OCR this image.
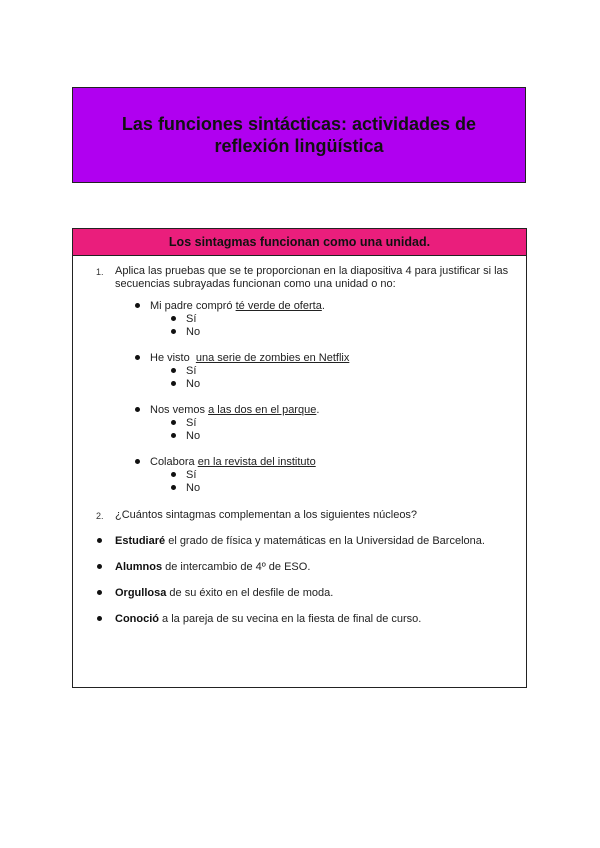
Las funciones sintácticas: actividades de reflexión lingüística
Los sintagmas funcionan como una unidad.
1. Aplica las pruebas que se te proporcionan en la diapositiva 4 para justificar si las
secuencias subrayadas funcionan como una unidad o no:
Mi padre compró té verde de oferta.
Sí
No
He visto  una serie de zombies en Netflix
Sí
No
Nos vemos a las dos en el parque.
Sí
No
Colabora en la revista del instituto
Sí
No
2. ¿Cuántos sintagmas complementan a los siguientes núcleos?
Estudiaré el grado de física y matemáticas en la Universidad de Barcelona.
Alumnos de intercambio de 4º de ESO.
Orgullosa de su éxito en el desfile de moda.
Conoció a la pareja de su vecina en la fiesta de final de curso.
